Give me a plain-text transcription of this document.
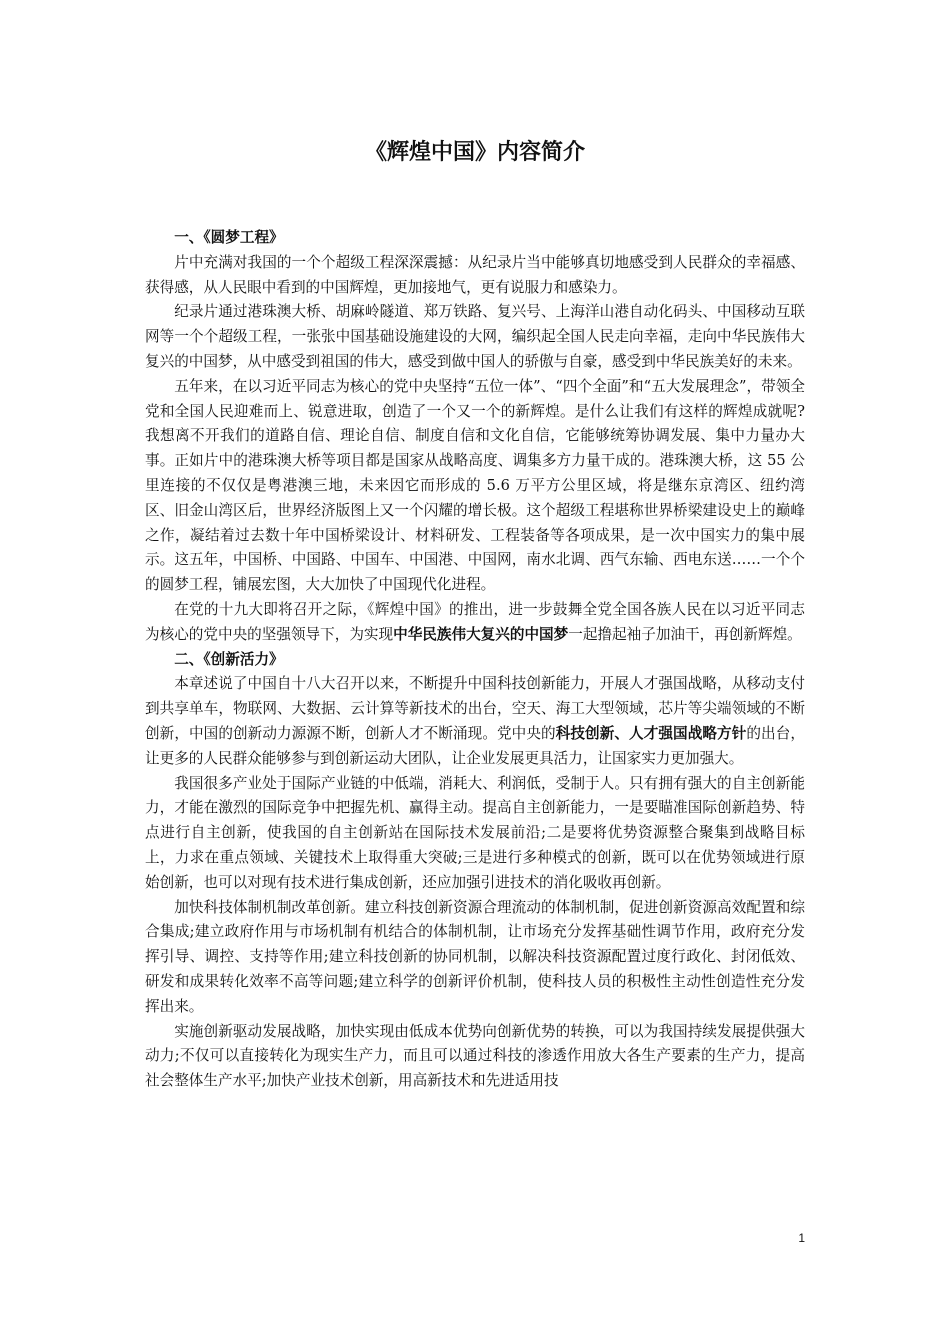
《辉煌中国》内容简介

一、《圆梦工程》

片中充满对我国的一个个超级工程深深震撼：从纪录片当中能够真切地感受到人民群众的幸福感、获得感，从人民眼中看到的中国辉煌，更加接地气，更有说服力和感染力。

纪录片通过港珠澳大桥、胡麻岭隧道、郑万铁路、复兴号、上海洋山港自动化码头、中国移动互联网等一个个超级工程，一张张中国基础设施建设的大网，编织起全国人民走向幸福，走向中华民族伟大复兴的中国梦，从中感受到祖国的伟大，感受到做中国人的骄傲与自豪，感受到中华民族美好的未来。

五年来，在以习近平同志为核心的党中央坚持“五位一体”、“四个全面”和“五大发展理念”，带领全党和全国人民迎难而上、锐意进取，创造了一个又一个的新辉煌。是什么让我们有这样的辉煌成就呢?我想离不开我们的道路自信、理论自信、制度自信和文化自信，它能够统筹协调发展、集中力量办大事。正如片中的港珠澳大桥等项目都是国家从战略高度、调集多方力量干成的。港珠澳大桥，这 55 公里连接的不仅仅是粤港澳三地，未来因它而形成的 5.6 万平方公里区域，将是继东京湾区、纽约湾区、旧金山湾区后，世界经济版图上又一个闪耀的增长极。这个超级工程堪称世界桥梁建设史上的巅峰之作，凝结着过去数十年中国桥梁设计、材料研发、工程装备等各项成果，是一次中国实力的集中展示。这五年，中国桥、中国路、中国车、中国港、中国网，南水北调、西气东输、西电东送……一个个的圆梦工程，铺展宏图，大大加快了中国现代化进程。

在党的十九大即将召开之际，《辉煌中国》的推出，进一步鼓舞全党全国各族人民在以习近平同志为核心的党中央的坚强领导下，为实现中华民族伟大复兴的中国梦一起撸起袖子加油干，再创新辉煌。

二、《创新活力》

本章述说了中国自十八大召开以来，不断提升中国科技创新能力，开展人才强国战略，从移动支付到共享单车，物联网、大数据、云计算等新技术的出台，空天、海工大型领域，芯片等尖端领域的不断创新，中国的创新动力源源不断，创新人才不断涌现。党中央的科技创新、人才强国战略方针的出台，让更多的人民群众能够参与到创新运动大团队，让企业发展更具活力，让国家实力更加强大。

我国很多产业处于国际产业链的中低端，消耗大、利润低，受制于人。只有拥有强大的自主创新能力，才能在激烈的国际竞争中把握先机、赢得主动。提高自主创新能力，一是要瞄准国际创新趋势、特点进行自主创新，使我国的自主创新站在国际技术发展前沿;二是要将优势资源整合聚集到战略目标上，力求在重点领域、关键技术上取得重大突破;三是进行多种模式的创新，既可以在优势领域进行原始创新，也可以对现有技术进行集成创新，还应加强引进技术的消化吸收再创新。

加快科技体制机制改革创新。建立科技创新资源合理流动的体制机制，促进创新资源高效配置和综合集成;建立政府作用与市场机制有机结合的体制机制，让市场充分发挥基础性调节作用，政府充分发挥引导、调控、支持等作用;建立科技创新的协同机制，以解决科技资源配置过度行政化、封闭低效、研发和成果转化效率不高等问题;建立科学的创新评价机制，使科技人员的积极性主动性创造性充分发挥出来。

实施创新驱动发展战略，加快实现由低成本优势向创新优势的转换，可以为我国持续发展提供强大动力;不仅可以直接转化为现实生产力，而且可以通过科技的渗透作用放大各生产要素的生产力，提高社会整体生产水平;加快产业技术创新，用高新技术和先进适用技

1
